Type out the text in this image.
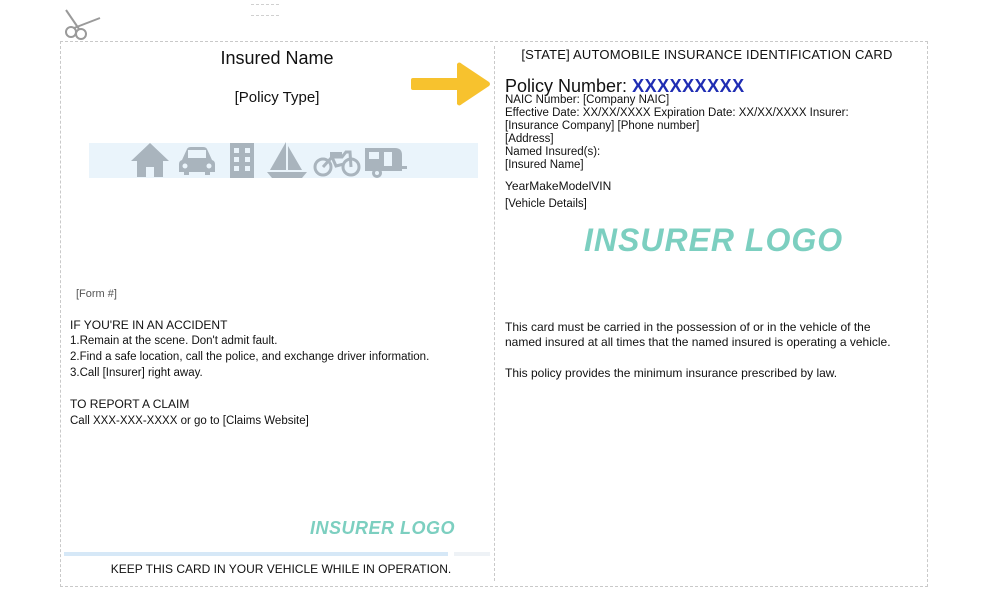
Insured Name
[Policy Type]
[Form #]
IF YOU'RE IN AN ACCIDENT
1.Remain at the scene. Don't admit fault.
2.Find a safe location, call the police, and exchange driver information.
3.Call [Insurer] right away.
TO REPORT A CLAIM
Call XXX-XXX-XXXX or go to [Claims Website]
INSURER LOGO
KEEP THIS CARD IN YOUR VEHICLE WHILE IN OPERATION.
[STATE] AUTOMOBILE INSURANCE IDENTIFICATION CARD
Policy Number: XXXXXXXXX
NAIC Number: [Company NAIC]
Effective Date: XX/XX/XXXX Expiration Date: XX/XX/XXXX Insurer: [Insurance Company] [Phone number]
[Address]
Named Insured(s):
[Insured Name]
YearMakeModelVIN
[Vehicle Details]
INSURER LOGO
This card must be carried in the possession of or in the vehicle of the named insured at all times that the named insured is operating a vehicle.
This policy provides the minimum insurance prescribed by law.
